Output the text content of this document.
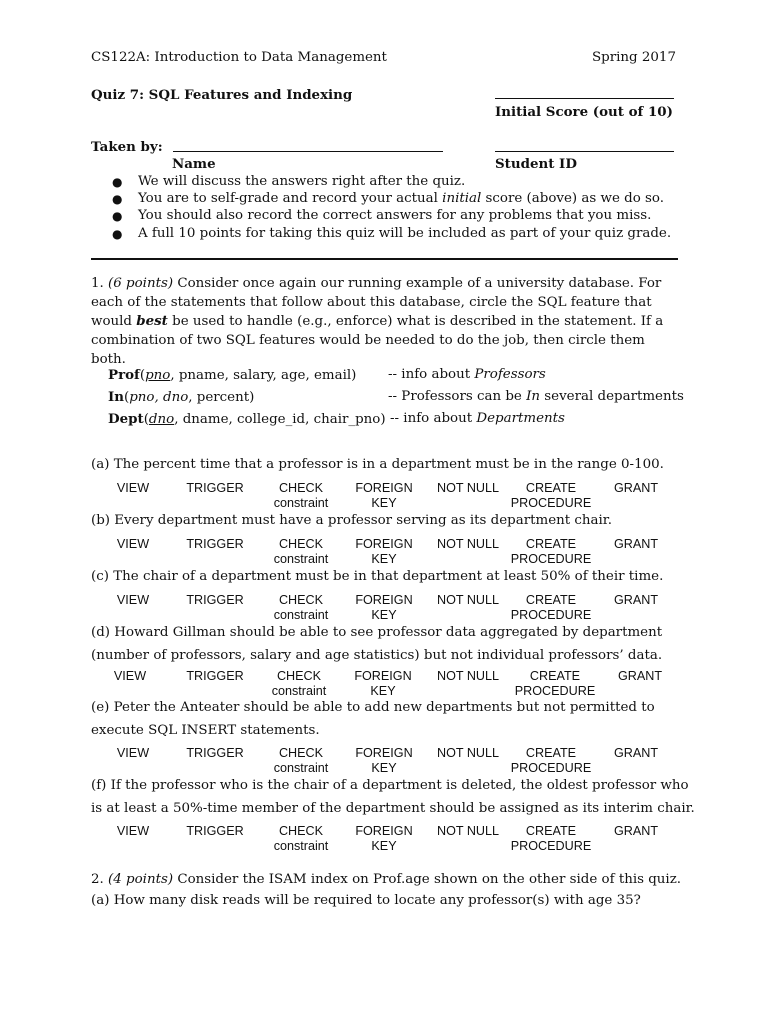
CS122A: Introduction to Data Management	Spring 2017
Quiz 7: SQL Features and Indexing
Initial Score (out of 10)
Taken by:
Name	Student ID
● We will discuss the answers right after the quiz.
● You are to self-grade and record your actual initial score (above) as we do so.
● You should also record the correct answers for any problems that you miss.
● A full 10 points for taking this quiz will be included as part of your quiz grade.
1. (6 points) Consider once again our running example of a university database. For each of the statements that follow about this database, circle the SQL feature that would best be used to handle (e.g., enforce) what is described in the statement. If a combination of two SQL features would be needed to do the job, then circle them both.
Prof(pno, pname, salary, age, email) -- info about Professors
In(pno, dno, percent)	-- Professors can be In several departments
Dept(dno, dname, college_id, chair_pno) -- info about Departments
(a) The percent time that a professor is in a department must be in the range 0-100.
VIEW	TRIGGER	CHECK
constraint
FOREIGN
KEY
NOT NULL	CREATE
PROCEDURE
GRANT
(b) Every department must have a professor serving as its department chair.
VIEW	TRIGGER	CHECK
constraint
FOREIGN
KEY
NOT NULL	CREATE
PROCEDURE
GRANT
(c) The chair of a department must be in that department at least 50% of their time.
VIEW	TRIGGER	CHECK
constraint
FOREIGN
KEY
NOT NULL	CREATE
PROCEDURE
GRANT
(d) Howard Gillman should be able to see professor data aggregated by department
(number of professors, salary and age statistics) but not individual professors’ data.
VIEW	TRIGGER	CHECK
constraint
FOREIGN
KEY
NOT NULL	CREATE
PROCEDURE
GRANT
(e) Peter the Anteater should be able to add new departments but not permitted to
execute SQL INSERT statements.
VIEW	TRIGGER	CHECK
constraint
FOREIGN
KEY
NOT NULL	CREATE
PROCEDURE
GRANT
(f) If the professor who is the chair of a department is deleted, the oldest professor who
is at least a 50%-time member of the department should be assigned as its interim chair.
VIEW	TRIGGER	CHECK
constraint
FOREIGN
KEY
NOT NULL	CREATE
PROCEDURE
GRANT
2. (4 points) Consider the ISAM index on Prof.age shown on the other side of this quiz.
(a) How many disk reads will be required to locate any professor(s) with age 35?
